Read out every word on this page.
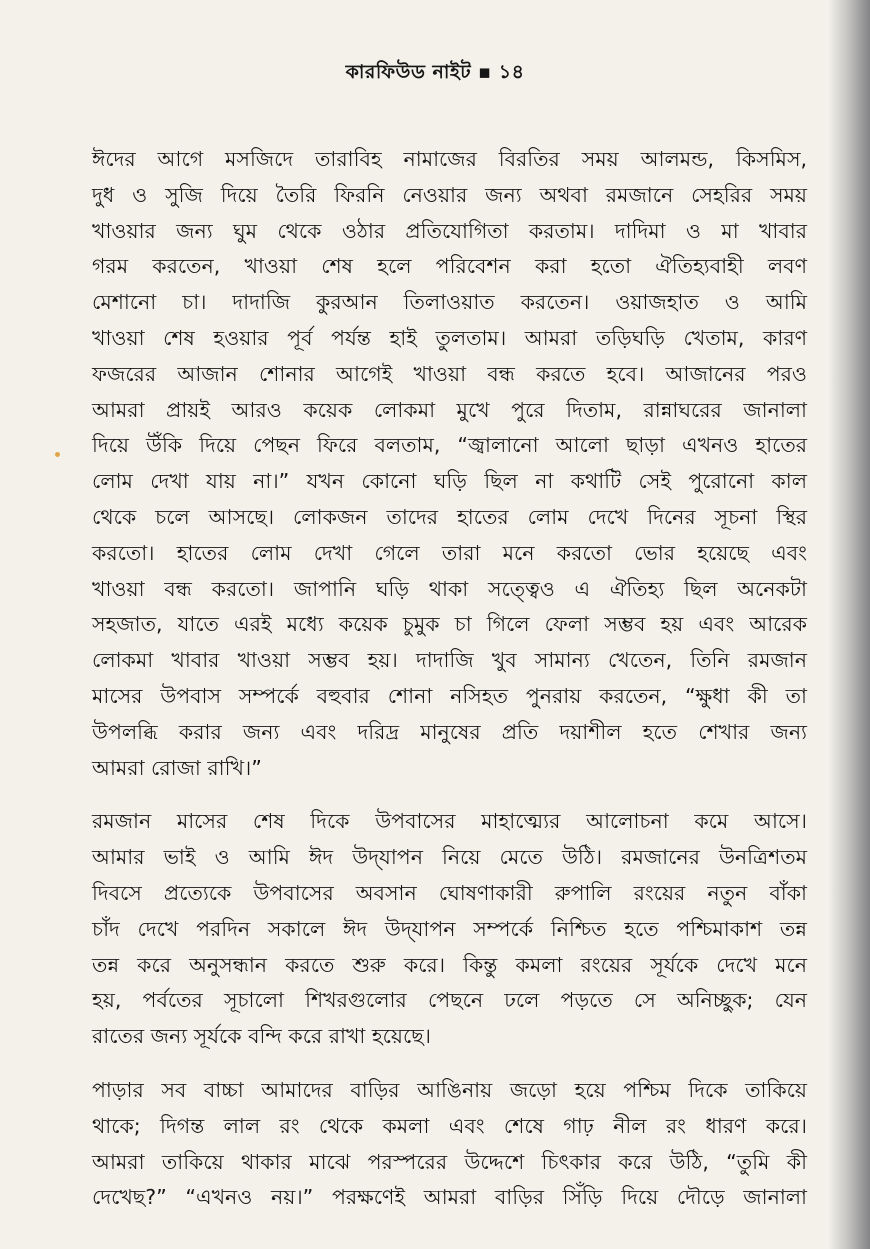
কারফিউড নাইট ▪ ১৪

ঈদের আগে মসজিদে তারাবিহ নামাজের বিরতির সময় আলমন্ড, কিসমিস,
দুধ ও সুজি দিয়ে তৈরি ফিরনি নেওয়ার জন্য অথবা রমজানে সেহরির সময়
খাওয়ার জন্য ঘুম থেকে ওঠার প্রতিযোগিতা করতাম। দাদিমা ও মা খাবার
গরম করতেন, খাওয়া শেষ হলে পরিবেশন করা হতো ঐতিহ্যবাহী লবণ
মেশানো চা। দাদাজি কুরআন তিলাওয়াত করতেন। ওয়াজহাত ও আমি
খাওয়া শেষ হওয়ার পূর্ব পর্যন্ত হাই তুলতাম। আমরা তড়িঘড়ি খেতাম, কারণ
ফজরের আজান শোনার আগেই খাওয়া বন্ধ করতে হবে। আজানের পরও
আমরা প্রায়ই আরও কয়েক লোকমা মুখে পুরে দিতাম, রান্নাঘরের জানালা
দিয়ে উঁকি দিয়ে পেছন ফিরে বলতাম, “জ্বালানো আলো ছাড়া এখনও হাতের
লোম দেখা যায় না।” যখন কোনো ঘড়ি ছিল না কথাটি সেই পুরোনো কাল
থেকে চলে আসছে। লোকজন তাদের হাতের লোম দেখে দিনের সূচনা স্থির
করতো। হাতের লোম দেখা গেলে তারা মনে করতো ভোর হয়েছে এবং
খাওয়া বন্ধ করতো। জাপানি ঘড়ি থাকা সত্ত্বেও এ ঐতিহ্য ছিল অনেকটা
সহজাত, যাতে এরই মধ্যে কয়েক চুমুক চা গিলে ফেলা সম্ভব হয় এবং আরেক
লোকমা খাবার খাওয়া সম্ভব হয়। দাদাজি খুব সামান্য খেতেন, তিনি রমজান
মাসের উপবাস সম্পর্কে বহুবার শোনা নসিহত পুনরায় করতেন, “ক্ষুধা কী তা
উপলব্ধি করার জন্য এবং দরিদ্র মানুষের প্রতি দয়াশীল হতে শেখার জন্য
আমরা রোজা রাখি।”

রমজান মাসের শেষ দিকে উপবাসের মাহাত্ম্যের আলোচনা কমে আসে।
আমার ভাই ও আমি ঈদ উদ্‌যাপন নিয়ে মেতে উঠি। রমজানের উনত্রিশতম
দিবসে প্রত্যেকে উপবাসের অবসান ঘোষণাকারী রুপালি রংয়ের নতুন বাঁকা
চাঁদ দেখে পরদিন সকালে ঈদ উদ্‌যাপন সম্পর্কে নিশ্চিত হতে পশ্চিমাকাশ তন্ন
তন্ন করে অনুসন্ধান করতে শুরু করে। কিন্তু কমলা রংয়ের সূর্যকে দেখে মনে
হয়, পর্বতের সূচালো শিখরগুলোর পেছনে ঢলে পড়তে সে অনিচ্ছুক; যেন
রাতের জন্য সূর্যকে বন্দি করে রাখা হয়েছে।

পাড়ার সব বাচ্চা আমাদের বাড়ির আঙিনায় জড়ো হয়ে পশ্চিম দিকে তাকিয়ে
থাকে; দিগন্ত লাল রং থেকে কমলা এবং শেষে গাঢ় নীল রং ধারণ করে।
আমরা তাকিয়ে থাকার মাঝে পরস্পরের উদ্দেশে চিৎকার করে উঠি, “তুমি কী
দেখেছ?” “এখনও নয়।” পরক্ষণেই আমরা বাড়ির সিঁড়ি দিয়ে দৌড়ে জানালা
